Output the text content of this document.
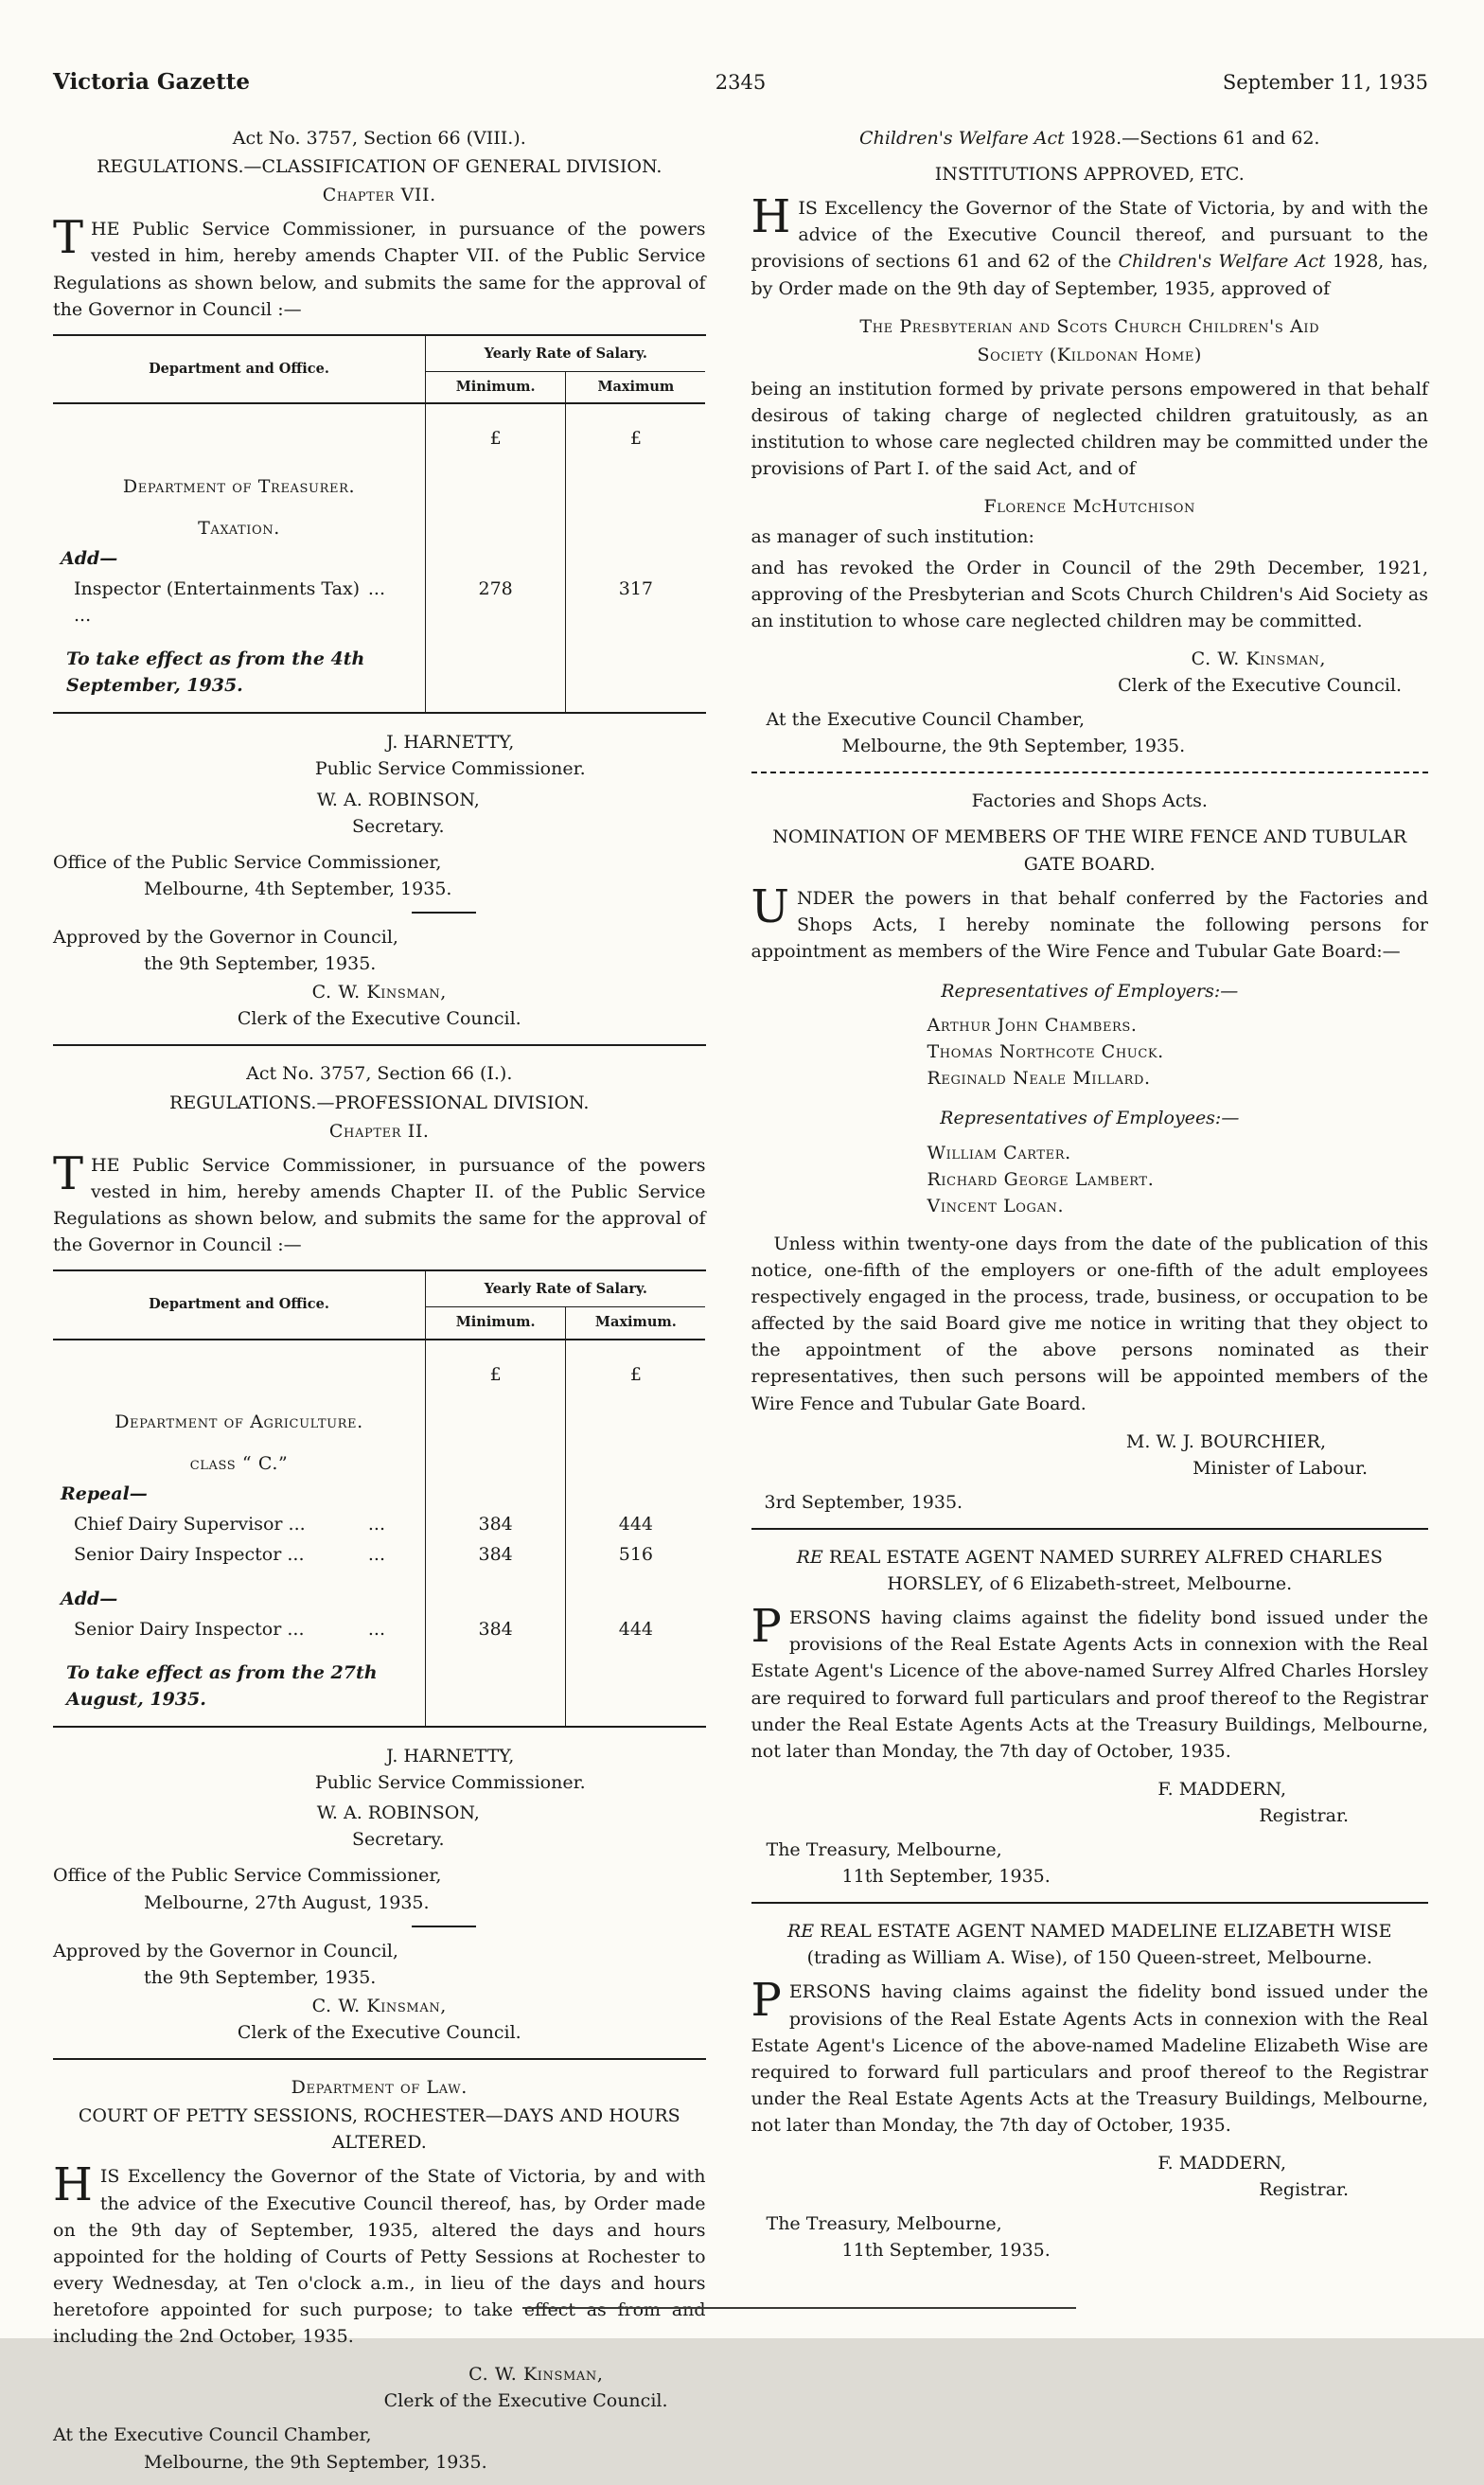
Victoria Gazette	2345	September 11, 1935
Act No. 3757, Section 66 (VIII.).
REGULATIONS.—CLASSIFICATION OF GENERAL DIVISION.
Chapter VII.
THE Public Service Commissioner, in pursuance of the powers vested in him, hereby amends Chapter VII. of the Public Service Regulations as shown below, and submits the same for the approval of the Governor in Council :—
Department and Office.
Yearly Rate of Salary.
Minimum.	Maximum
£	£
Department of Treasurer.
Taxation.
Add—
Inspector (Entertainments Tax) ...
...	278	317
To take effect as from the 4th September, 1935.
J. HARNETTY,
Public Service Commissioner.
W. A. ROBINSON,
Secretary.
Office of the Public Service Commissioner,
Melbourne, 4th September, 1935.
Approved by the Governor in Council,
the 9th September, 1935.
C. W. Kinsman,
Clerk of the Executive Council.
Act No. 3757, Section 66 (I.).
REGULATIONS.—PROFESSIONAL DIVISION.
Chapter II.
THE Public Service Commissioner, in pursuance of the powers vested in him, hereby amends Chapter II. of the Public Service Regulations as shown below, and submits the same for the approval of the Governor in Council :—
Department and Office.
Yearly Rate of Salary.
Minimum.	Maximum.
£	£
Department of Agriculture.
class “ C.”
Repeal—
Chief Dairy Supervisor ...	...	384	444
Senior Dairy Inspector ...	...	384	516
Add—
Senior Dairy Inspector ...	...	384	444
To take effect as from the 27th August, 1935.
J. HARNETTY,
Public Service Commissioner.
W. A. ROBINSON,
Secretary.
Office of the Public Service Commissioner,
Melbourne, 27th August, 1935.
Approved by the Governor in Council,
the 9th September, 1935.
C. W. Kinsman,
Clerk of the Executive Council.
Department of Law.
COURT OF PETTY SESSIONS, ROCHESTER—DAYS AND HOURS ALTERED.
HIS Excellency the Governor of the State of Victoria, by and with the advice of the Executive Council thereof, has, by Order made on the 9th day of September, 1935, altered the days and hours appointed for the holding of Courts of Petty Sessions at Rochester to every Wednesday, at Ten o'clock a.m., in lieu of the days and hours heretofore appointed for such purpose; to take effect as from and including the 2nd October, 1935.
C. W. Kinsman,
Clerk of the Executive Council.
At the Executive Council Chamber,
Melbourne, the 9th September, 1935.
Children's Welfare Act 1928.—Sections 61 and 62.
INSTITUTIONS APPROVED, ETC.
HIS Excellency the Governor of the State of Victoria, by and with the advice of the Executive Council thereof, and pursuant to the provisions of sections 61 and 62 of the Children's Welfare Act 1928, has, by Order made on the 9th day of September, 1935, approved of
The Presbyterian and Scots Church Children's Aid
Society (Kildonan Home)
being an institution formed by private persons empowered in that behalf desirous of taking charge of neglected children gratuitously, as an institution to whose care neglected children may be committed under the provisions of Part I. of the said Act, and of
Florence McHutchison
as manager of such institution:
and has revoked the Order in Council of the 29th December, 1921, approving of the Presbyterian and Scots Church Children's Aid Society as an institution to whose care neglected children may be committed.
C. W. Kinsman,
Clerk of the Executive Council.
At the Executive Council Chamber,
Melbourne, the 9th September, 1935.
Factories and Shops Acts.
NOMINATION OF MEMBERS OF THE WIRE FENCE AND TUBULAR GATE BOARD.
UNDER the powers in that behalf conferred by the Factories and Shops Acts, I hereby nominate the following persons for appointment as members of the Wire Fence and Tubular Gate Board:—
Representatives of Employers:—
Arthur John Chambers.
Thomas Northcote Chuck.
Reginald Neale Millard.
Representatives of Employees:—
William Carter.
Richard George Lambert.
Vincent Logan.
Unless within twenty-one days from the date of the publication of this notice, one-fifth of the employers or one-fifth of the adult employees respectively engaged in the process, trade, business, or occupation to be affected by the said Board give me notice in writing that they object to the appointment of the above persons nominated as their representatives, then such persons will be appointed members of the Wire Fence and Tubular Gate Board.
M. W. J. BOURCHIER,
Minister of Labour.
3rd September, 1935.
RE REAL ESTATE AGENT NAMED SURREY ALFRED CHARLES HORSLEY, of 6 Elizabeth-street, Melbourne.
PERSONS having claims against the fidelity bond issued under the provisions of the Real Estate Agents Acts in connexion with the Real Estate Agent's Licence of the above-named Surrey Alfred Charles Horsley are required to forward full particulars and proof thereof to the Registrar under the Real Estate Agents Acts at the Treasury Buildings, Melbourne, not later than Monday, the 7th day of October, 1935.
F. MADDERN,
Registrar.
The Treasury, Melbourne,
11th September, 1935.
RE REAL ESTATE AGENT NAMED MADELINE ELIZABETH WISE (trading as William A. Wise), of 150 Queen-street, Melbourne.
PERSONS having claims against the fidelity bond issued under the provisions of the Real Estate Agents Acts in connexion with the Real Estate Agent's Licence of the above-named Madeline Elizabeth Wise are required to forward full particulars and proof thereof to the Registrar under the Real Estate Agents Acts at the Treasury Buildings, Melbourne, not later than Monday, the 7th day of October, 1935.
F. MADDERN,
Registrar.
The Treasury, Melbourne,
11th September, 1935.
